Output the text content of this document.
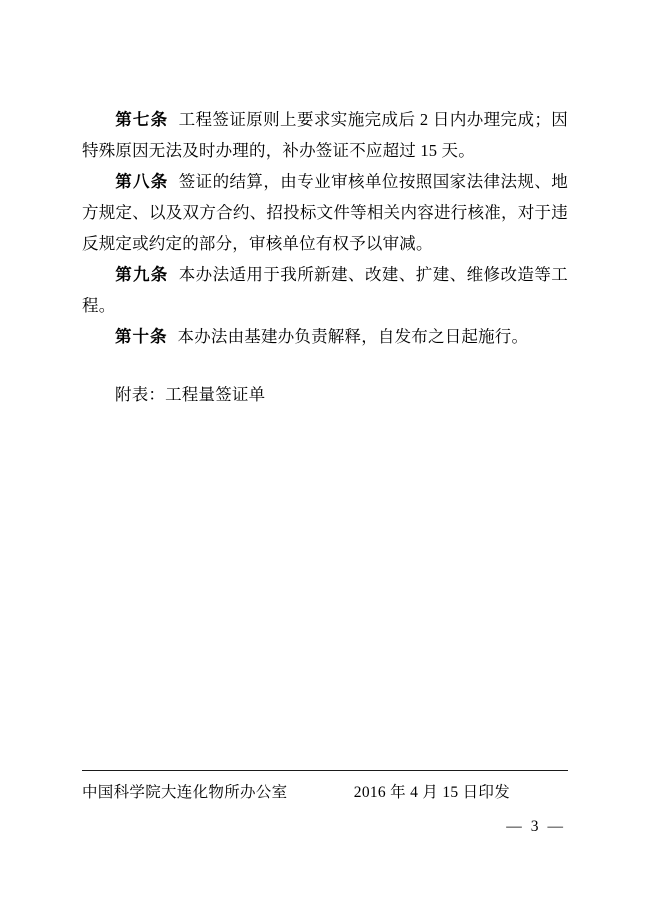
第七条 工程签证原则上要求实施完成后 2 日内办理完成；因特殊原因无法及时办理的，补办签证不应超过 15 天。

第八条 签证的结算，由专业审核单位按照国家法律法规、地方规定、以及双方合约、招投标文件等相关内容进行核准，对于违反规定或约定的部分，审核单位有权予以审减。

第九条 本办法适用于我所新建、改建、扩建、维修改造等工程。

第十条 本办法由基建办负责解释，自发布之日起施行。

附表：工程量签证单

中国科学院大连化物所办公室	2016 年 4 月 15 日印发
— 3 —
